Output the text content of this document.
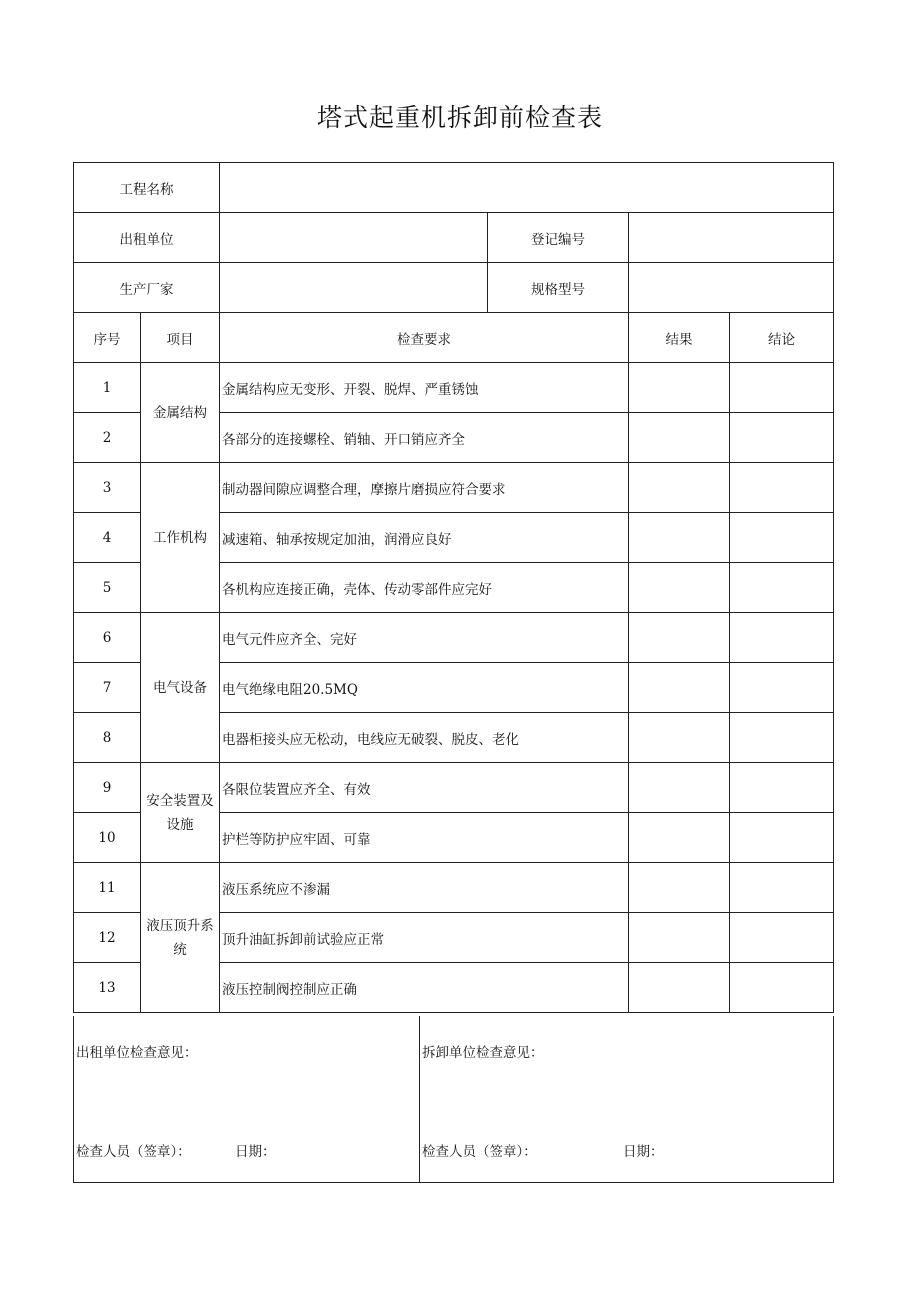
塔式起重机拆卸前检查表
工程名称					
出租单位			登记编号		
生产厂家			规格型号		
序号	项目	检查要求		结果	结论
1	金属结构	金属结构应无变形、开裂、脱焊、严重锈蚀			
2		各部分的连接螺栓、销轴、开口销应齐全			
3	工作机构	制动器间隙应调整合理，摩擦片磨损应符合要求			
4		减速箱、轴承按规定加油，润滑应良好			
5		各机构应连接正确，壳体、传动零部件应完好			
6	电气设备	电气元件应齐全、完好			
7		电气绝缘电阻20.5MQ			
8		电器柜接头应无松动，电线应无破裂、脱皮、老化			
9	安全装置及设施	各限位装置应齐全、有效			
10		护栏等防护应牢固、可靠			
11	液压顶升系统	液压系统应不渗漏			
12		顶升油缸拆卸前试验应正常			
13		液压控制阀控制应正确			
出租单位检查意见：
检查人员（签章）：	日期：

拆卸单位检查意见：
检查人员（签章）：	日期：
